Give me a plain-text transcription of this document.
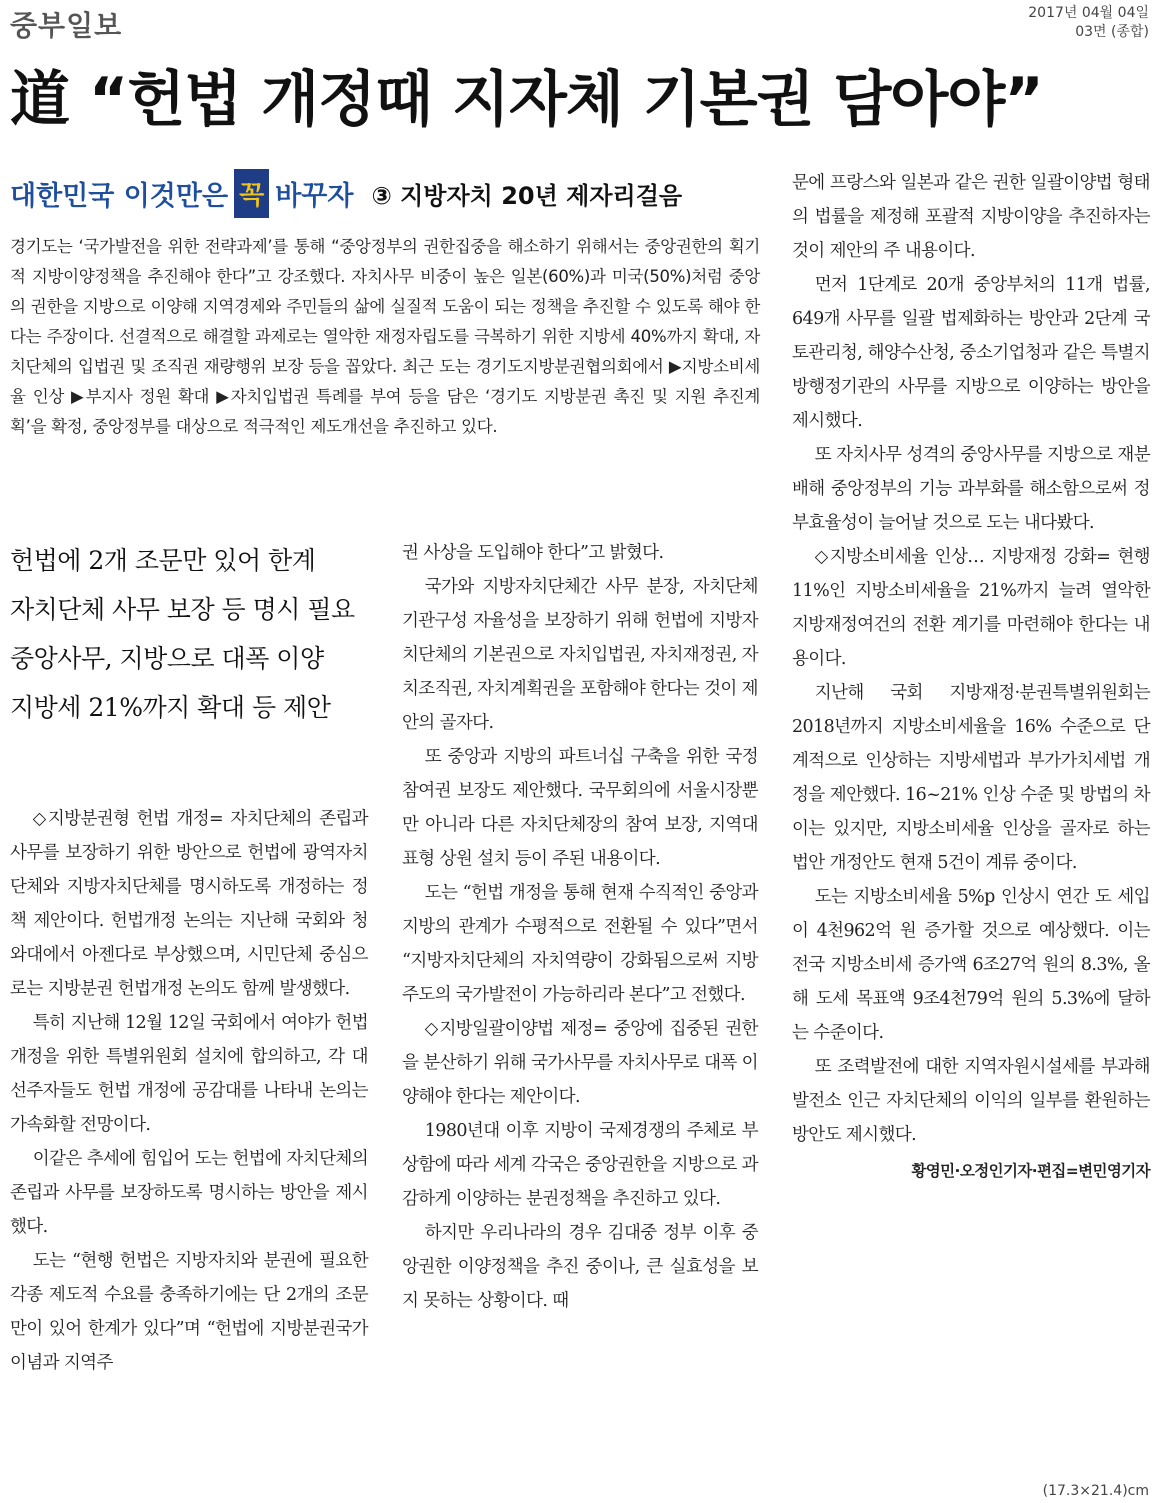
중부일보	2017년 04월 04일
03면 (종합)
道 “헌법 개정때 지자체 기본권 담아야”
대한민국 이것만은 꼭 바꾸자 ③ 지방자치 20년 제자리걸음

경기도는 ‘국가발전을 위한 전략과제’를 통해 “중앙정부의 권한집중을 해소하기 위해서는 중앙권한의 획기적 지방이양정책을 추진해야 한다”고 강조했다. 자치사무 비중이 높은 일본(60%)과 미국(50%)처럼 중앙의 권한을 지방으로 이양해 지역경제와 주민들의 삶에 실질적 도움이 되는 정책을 추진할 수 있도록 해야 한다는 주장이다. 선결적으로 해결할 과제로는 열악한 재정자립도를 극복하기 위한 지방세 40%까지 확대, 자치단체의 입법권 및 조직권 재량행위 보장 등을 꼽았다. 최근 도는 경기도지방분권협의회에서 ▶지방소비세율 인상 ▶부지사 정원 확대 ▶자치입법권 특례를 부여 등을 담은 ‘경기도 지방분권 촉진 및 지원 추진계획’을 확정, 중앙정부를 대상으로 적극적인 제도개선을 추진하고 있다.

헌법에 2개 조문만 있어 한계
자치단체 사무 보장 등 명시 필요
중앙사무, 지방으로 대폭 이양
지방세 21%까지 확대 등 제안

◇지방분권형 헌법 개정= 자치단체의 존립과 사무를 보장하기 위한 방안으로 헌법에 광역자치단체와 지방자치단체를 명시하도록 개정하는 정책 제안이다. 헌법개정 논의는 지난해 국회와 청와대에서 아젠다로 부상했으며, 시민단체 중심으로는 지방분권 헌법개정 논의도 함께 발생했다.

특히 지난해 12월 12일 국회에서 여야가 헌법개정을 위한 특별위원회 설치에 합의하고, 각 대선주자들도 헌법 개정에 공감대를 나타내 논의는 가속화할 전망이다.

이같은 추세에 힘입어 도는 헌법에 자치단체의 존립과 사무를 보장하도록 명시하는 방안을 제시했다.

도는 “현행 헌법은 지방자치와 분권에 필요한 각종 제도적 수요를 충족하기에는 단 2개의 조문만이 있어 한계가 있다”며 “헌법에 지방분권국가 이념과 지역주

권 사상을 도입해야 한다”고 밝혔다.

국가와 지방자치단체간 사무 분장, 자치단체 기관구성 자율성을 보장하기 위해 헌법에 지방자치단체의 기본권으로 자치입법권, 자치재정권, 자치조직권, 자치계획권을 포함해야 한다는 것이 제안의 골자다.

또 중앙과 지방의 파트너십 구축을 위한 국정 참여권 보장도 제안했다. 국무회의에 서울시장뿐만 아니라 다른 자치단체장의 참여 보장, 지역대표형 상원 설치 등이 주된 내용이다.

도는 “헌법 개정을 통해 현재 수직적인 중앙과 지방의 관계가 수평적으로 전환될 수 있다”면서 “지방자치단체의 자치역량이 강화됨으로써 지방 주도의 국가발전이 가능하리라 본다”고 전했다.

◇지방일괄이양법 제정= 중앙에 집중된 권한을 분산하기 위해 국가사무를 자치사무로 대폭 이양해야 한다는 제안이다.

1980년대 이후 지방이 국제경쟁의 주체로 부상함에 따라 세계 각국은 중앙권한을 지방으로 과감하게 이양하는 분권정책을 추진하고 있다.

하지만 우리나라의 경우 김대중 정부 이후 중앙권한 이양정책을 추진 중이나, 큰 실효성을 보지 못하는 상황이다. 때

문에 프랑스와 일본과 같은 권한 일괄이양법 형태의 법률을 제정해 포괄적 지방이양을 추진하자는 것이 제안의 주 내용이다.

먼저 1단계로 20개 중앙부처의 11개 법률, 649개 사무를 일괄 법제화하는 방안과 2단계 국토관리청, 해양수산청, 중소기업청과 같은 특별지방행정기관의 사무를 지방으로 이양하는 방안을 제시했다.

또 자치사무 성격의 중앙사무를 지방으로 재분배해 중앙정부의 기능 과부화를 해소함으로써 정부효율성이 늘어날 것으로 도는 내다봤다.

◇지방소비세율 인상… 지방재정 강화= 현행 11%인 지방소비세율을 21%까지 늘려 열악한 지방재정여건의 전환 계기를 마련해야 한다는 내용이다.

지난해 국회 지방재정·분권특별위원회는 2018년까지 지방소비세율을 16% 수준으로 단계적으로 인상하는 지방세법과 부가가치세법 개정을 제안했다. 16~21% 인상 수준 및 방법의 차이는 있지만, 지방소비세율 인상을 골자로 하는 법안 개정안도 현재 5건이 계류 중이다.

도는 지방소비세율 5%p 인상시 연간 도 세입이 4천962억 원 증가할 것으로 예상했다. 이는 전국 지방소비세 증가액 6조27억 원의 8.3%, 올해 도세 목표액 9조4천79억 원의 5.3%에 달하는 수준이다.

또 조력발전에 대한 지역자원시설세를 부과해 발전소 인근 자치단체의 이익의 일부를 환원하는 방안도 제시했다.

황영민·오정인기자·편집=변민영기자
(17.3×21.4)cm
